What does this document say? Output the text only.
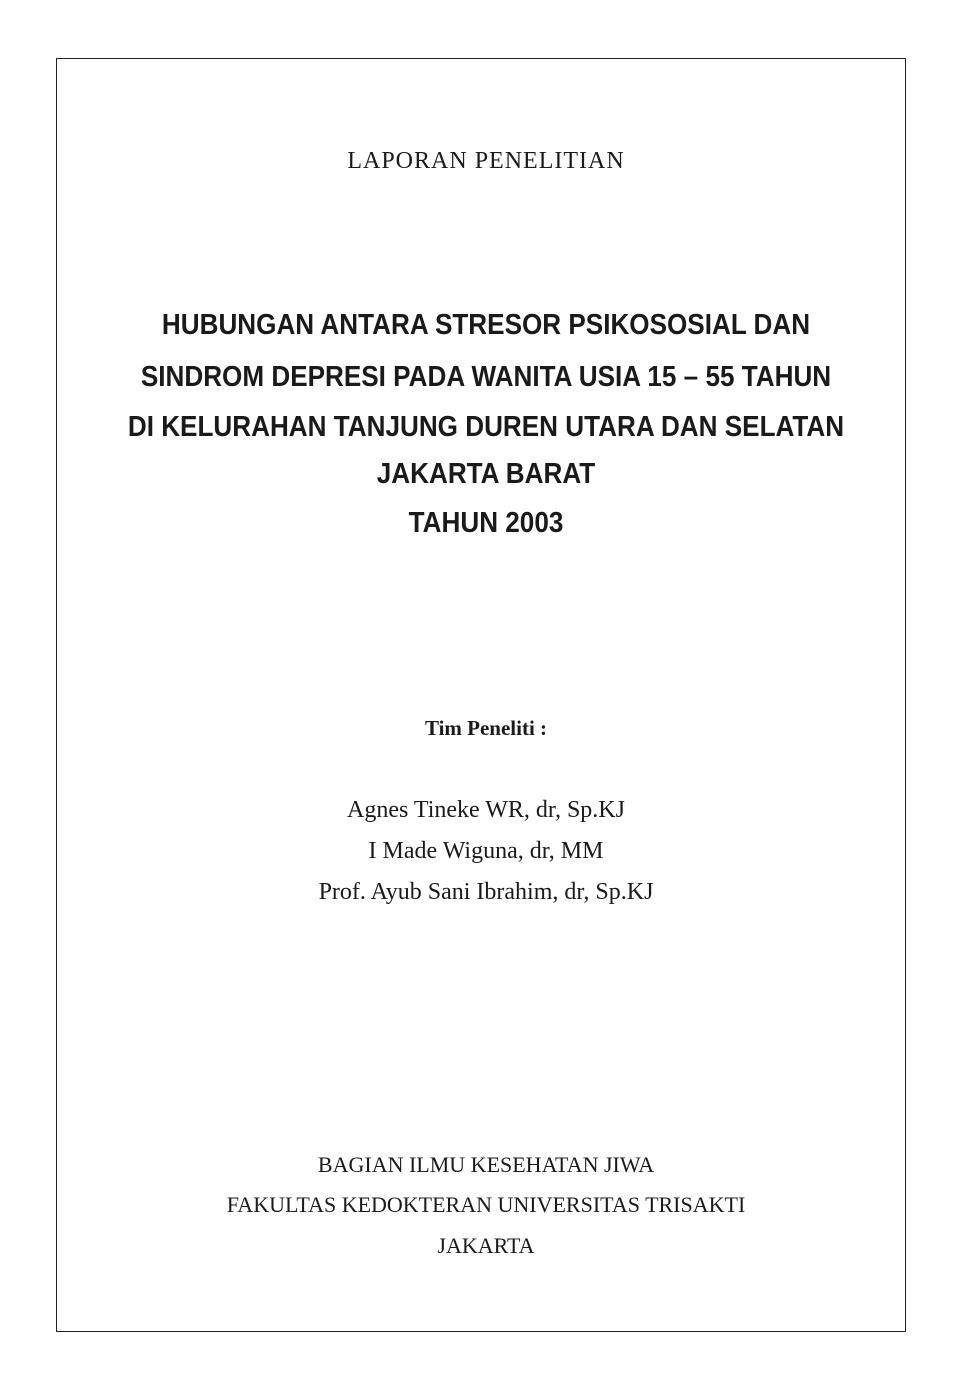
LAPORAN PENELITIAN
HUBUNGAN ANTARA STRESOR PSIKOSOSIAL DAN
SINDROM DEPRESI PADA WANITA USIA 15 – 55 TAHUN
DI KELURAHAN TANJUNG DUREN UTARA DAN SELATAN
JAKARTA BARAT
TAHUN 2003
Tim Peneliti :
Agnes Tineke WR, dr, Sp.KJ
I Made Wiguna, dr, MM
Prof. Ayub Sani Ibrahim, dr, Sp.KJ
BAGIAN ILMU KESEHATAN JIWA
FAKULTAS KEDOKTERAN UNIVERSITAS TRISAKTI
JAKARTA
